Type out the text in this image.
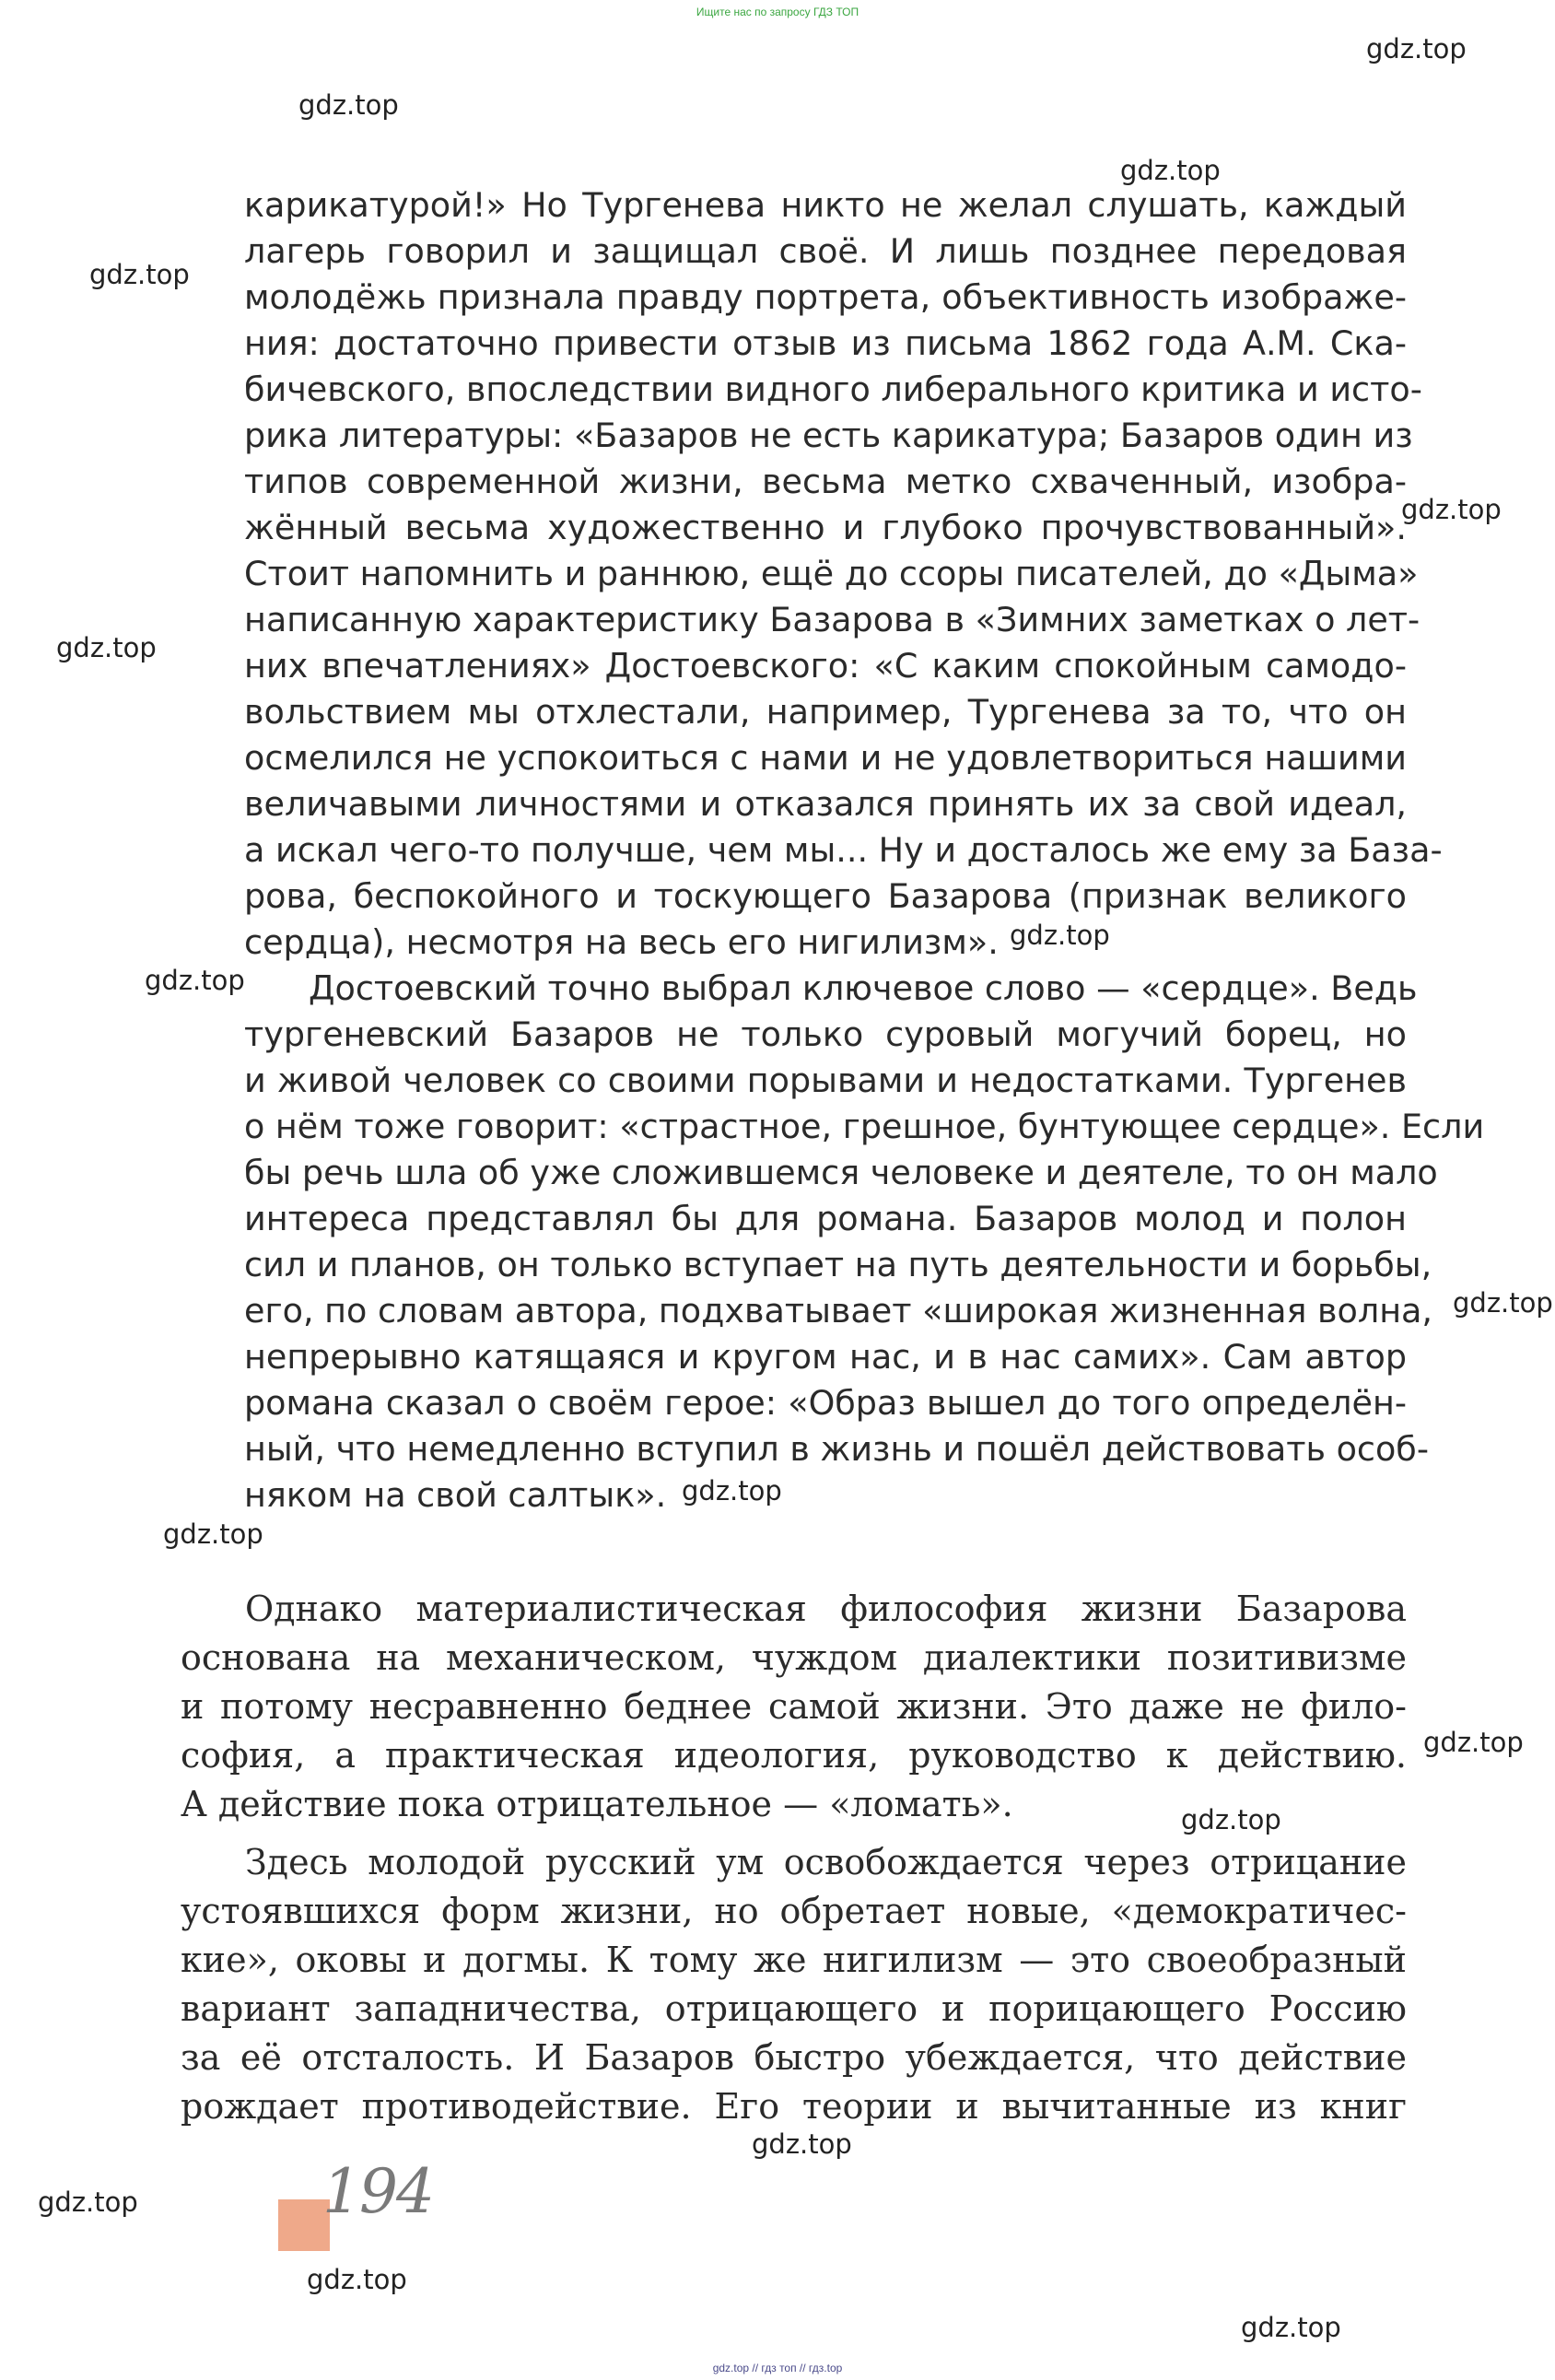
Ищите нас по запросу ГДЗ ТОП
карикатурой!» Но Тургенева никто не желал слушать, каждый
лагерь говорил и защищал своё. И лишь позднее передовая
молодёжь признала правду портрета, объективность изображе-
ния: достаточно привести отзыв из письма 1862 года А.М. Ска-
бичевского, впоследствии видного либерального критика и исто-
рика литературы: «Базаров не есть карикатура; Базаров один из
типов современной жизни, весьма метко схваченный, изобра-
жённый весьма художественно и глубоко прочувствованный».
Стоит напомнить и раннюю, ещё до ссоры писателей, до «Дыма»
написанную характеристику Базарова в «Зимних заметках о лет-
них впечатлениях» Достоевского: «С каким спокойным самодо-
вольствием мы отхлестали, например, Тургенева за то, что он
осмелился не успокоиться с нами и не удовлетвориться нашими
величавыми личностями и отказался принять их за свой идеал,
а искал чего-то получше, чем мы... Ну и досталось же ему за База-
рова, беспокойного и тоскующего Базарова (признак великого
сердца), несмотря на весь его нигилизм».
Достоевский точно выбрал ключевое слово — «сердце». Ведь
тургеневский Базаров не только суровый могучий борец, но
и живой человек со своими порывами и недостатками. Тургенев
о нём тоже говорит: «страстное, грешное, бунтующее сердце». Если
бы речь шла об уже сложившемся человеке и деятеле, то он мало
интереса представлял бы для романа. Базаров молод и полон
сил и планов, он только вступает на путь деятельности и борьбы,
его, по словам автора, подхватывает «широкая жизненная волна,
непрерывно катящаяся и кругом нас, и в нас самих». Сам автор
романа сказал о своём герое: «Образ вышел до того определён-
ный, что немедленно вступил в жизнь и пошёл действовать особ-
няком на свой салтык».
Однако материалистическая философия жизни Базарова
основана на механическом, чуждом диалектики позитивизме
и потому несравненно беднее самой жизни. Это даже не фило-
софия, а практическая идеология, руководство к действию.
А действие пока отрицательное — «ломать».
Здесь молодой русский ум освобождается через отрицание
устоявшихся форм жизни, но обретает новые, «демократичес-
кие», оковы и догмы. К тому же нигилизм — это своеобразный
вариант западничества, отрицающего и порицающего Россию
за её отсталость. И Базаров быстро убеждается, что действие
рождает противодействие. Его теории и вычитанные из книг
194
gdz.top
gdz.top
gdz.top
gdz.top
gdz.top
gdz.top
gdz.top
gdz.top
gdz.top
gdz.top
gdz.top
gdz.top
gdz.top
gdz.top
gdz.top
gdz.top
gdz.top
gdz.top // гдз топ // гдз.top
